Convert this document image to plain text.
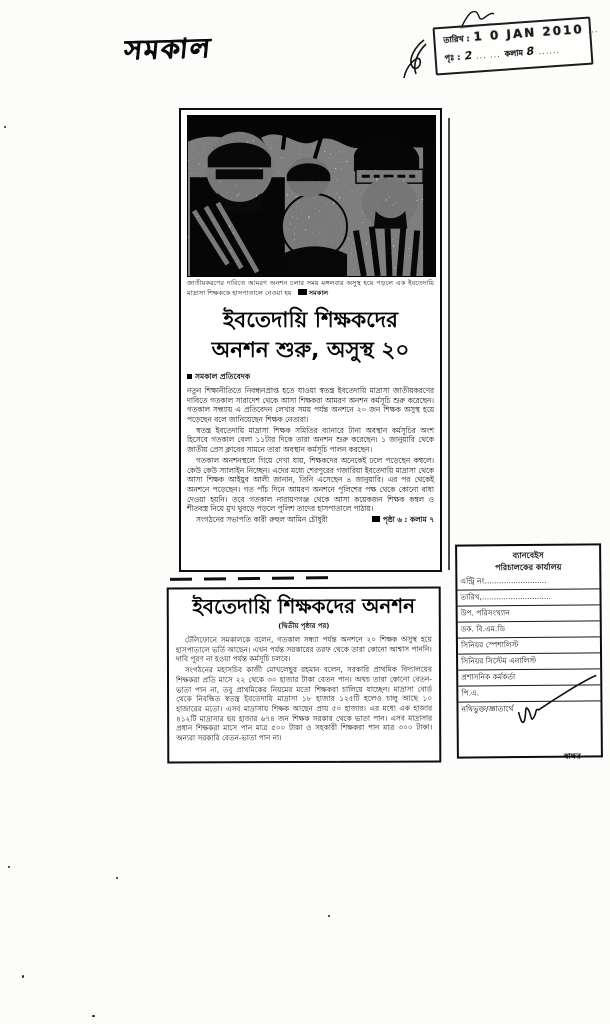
সমকাল	তারিখ : 1 0 JAN 2010 ...
পৃঃ : 2 ... ... কলাম 8 ......
জাতীয়করণের দাবিতে আমরণ অনশন চলার সময় মঙ্গলবার অসুস্থ হয়ে পড়লে এক ইবতেদায়ি মাদ্রাসা শিক্ষককে হাসপাতালে নেওয়া হয়	সমকাল
ইবতেদায়ি শিক্ষকদের
অনশন শুরু, অসুস্থ ২০
সমকাল প্রতিবেদক

নতুন শিক্ষানীতিতে নিবন্ধনপ্রাপ্ত হতে যাওয়া স্বতন্ত্র ইবতেদায়ি মাদ্রাসা জাতীয়করণের দাবিতে গতকাল সারাদেশ থেকে আসা শিক্ষকরা আমরণ অনশন কর্মসূচি শুরু করেছেন। গতকাল সন্ধ্যায় এ প্রতিবেদন লেখার সময় পর্যন্ত অনশনে ২০ জন শিক্ষক অসুস্থ হয়ে পড়েছেন বলে জানিয়েছেন শিক্ষক নেতারা।

স্বতন্ত্র ইবতেদায়ি মাদ্রাসা শিক্ষক সমিতির ব্যানারে টানা অবস্থান কর্মসূচির অংশ হিসেবে গতকাল বেলা ১১টার দিকে তারা অনশন শুরু করেছেন। ১ জানুয়ারি থেকে জাতীয় প্রেস ক্লাবের সামনে তারা অবস্থান কর্মসূচি পালন করছেন।

গতকাল অনশনস্থলে গিয়ে দেখা যায়, শিক্ষকদের অনেকেই ঢলে পড়েছেন কম্বলে। কেউ কেউ স্যালাইন নিচ্ছেন। এদের মধ্যে শেরপুরের গজারিয়া ইবতেদায়ি মাদ্রাসা থেকে আসা শিক্ষক আইয়ুব আলী জানান, তিনি এসেছেন ৪ জানুয়ারি। এর পর থেকেই অনশনে পড়েছেন। গত পাঁচ দিনে আমরণ অনশনে পুলিশের পক্ষ থেকে কোনো বাধা দেওয়া হয়নি। তবে গতকাল নারায়ণগঞ্জ থেকে আসা কয়েকজন শিক্ষক কম্বল ও শীতবস্ত্র নিয়ে মুখ থুবড়ে পড়লে পুলিশ তাদের হাসপাতালে পাঠায়।

সংগঠনের সভাপতি কারী রুহুল আমিন চৌধুরী	পৃষ্ঠা ৬ : কলাম ৭

ব্যানবেইস
পরিচালকের কার্যালয়
এন্ট্রি নং..........................
তারিখ,.............................
উপ. পরিসংখ্যান
ডক. বি.এম.ডি
সিনিয়র স্পেশালিস্ট
সিনিয়র সিস্টেম এনালিস্ট
প্রশাসনিক কর্মকর্তা
পি.এ.
নথিভুক্ত/জ্ঞাতার্থে
স্বাক্ষর
ইবতেদায়ি শিক্ষকদের অনশন
(দ্বিতীয় পৃষ্ঠার পর)

টেলিফোনে সমকালকে বলেন, গতকাল সন্ধ্যা পর্যন্ত অনশনে ২০ শিক্ষক অসুস্থ হয়ে হাসপাতালে ভর্তি আছেন। এখন পর্যন্ত সরকারের তরফ থেকে তারা কোনো আশ্বাস পাননি। দাবি পূরণ না হওয়া পর্যন্ত কর্মসূচি চলবে।

সংগঠনের মহাসচিব কাজী মোখলেছুর রহমান বলেন, সরকারি প্রাথমিক বিদ্যালয়ের শিক্ষকরা প্রতি মাসে ২২ থেকে ৩০ হাজার টাকা বেতন পান। অথচ তারা কোনো বেতন-ভাতা পান না, তবু প্রাথমিকের নিয়মের মতো শিক্ষকরা চালিয়ে যাচ্ছেন। মাদ্রাসা বোর্ড থেকে নিবন্ধিত স্বতন্ত্র ইবতেদায়ি মাদ্রাসা ১৮ হাজার ১২৫টি হলেও চালু আছে ১০ হাজারের মতো। এসব মাদ্রাসায় শিক্ষক আছেন প্রায় ৫০ হাজার। এর মধ্যে এক হাজার ৪১২টি মাদ্রাসার ছয় হাজার ৬৭৪ জন শিক্ষক সরকার থেকে ভাতা পান। এসব মাদ্রাসার প্রধান শিক্ষকরা মাসে পান মাত্র ৫০০ টাকা ও সহকারী শিক্ষকরা পান মাত্র ৩০০ টাকা। অন্যরা সরকারি বেতন-ভাতা পান না।
